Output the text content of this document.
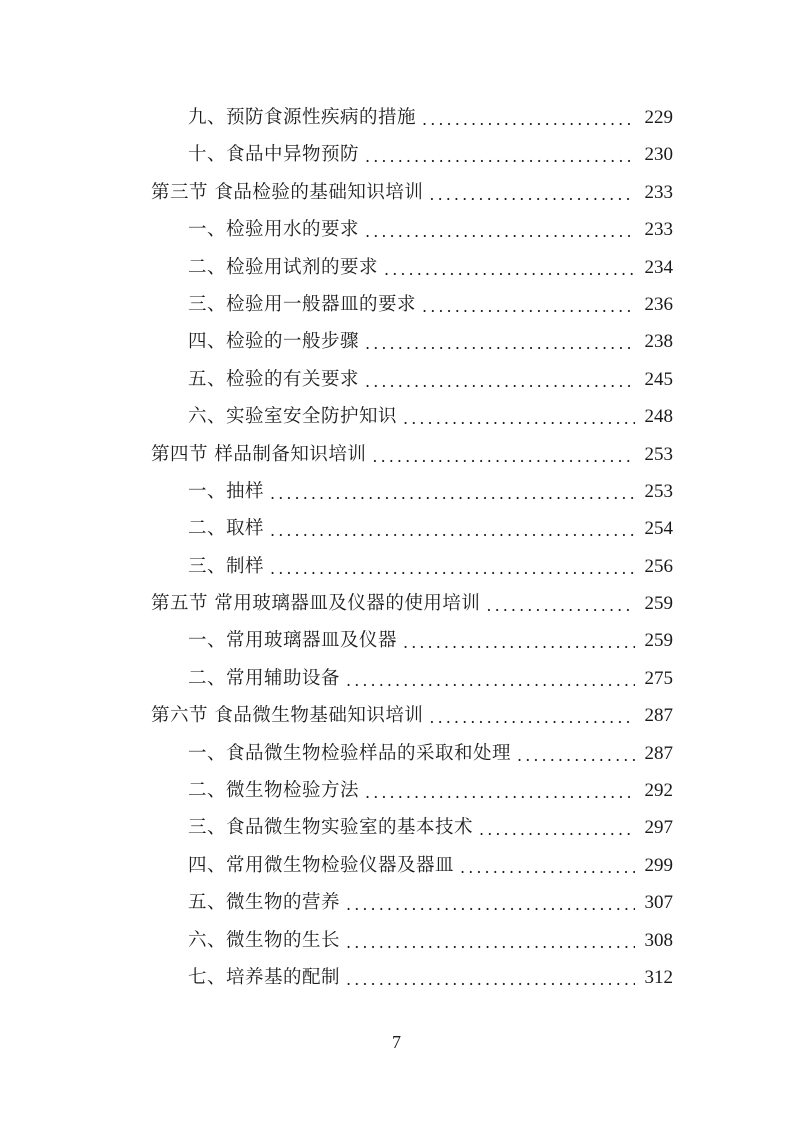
九、预防食源性疾病的措施 . . .	229
十、食品中异物预防 . . .	230
第三节 食品检验的基础知识培训 . . .	233
一、检验用水的要求 . . .	233
二、检验用试剂的要求 . . .	234
三、检验用一般器皿的要求 . . .	236
四、检验的一般步骤 . . .	238
五、检验的有关要求 . . .	245
六、实验室安全防护知识 . . .	248
第四节 样品制备知识培训 . . .	253
一、抽样 . . .	253
二、取样 . . .	254
三、制样 . . .	256
第五节 常用玻璃器皿及仪器的使用培训 . . .	259
一、常用玻璃器皿及仪器 . . .	259
二、常用辅助设备 . . .	275
第六节 食品微生物基础知识培训 . . .	287
一、食品微生物检验样品的采取和处理 . . .	287
二、微生物检验方法 . . .	292
三、食品微生物实验室的基本技术 . . .	297
四、常用微生物检验仪器及器皿 . . .	299
五、微生物的营养 . . .	307
六、微生物的生长 . . .	308
七、培养基的配制 . . .	312
7
